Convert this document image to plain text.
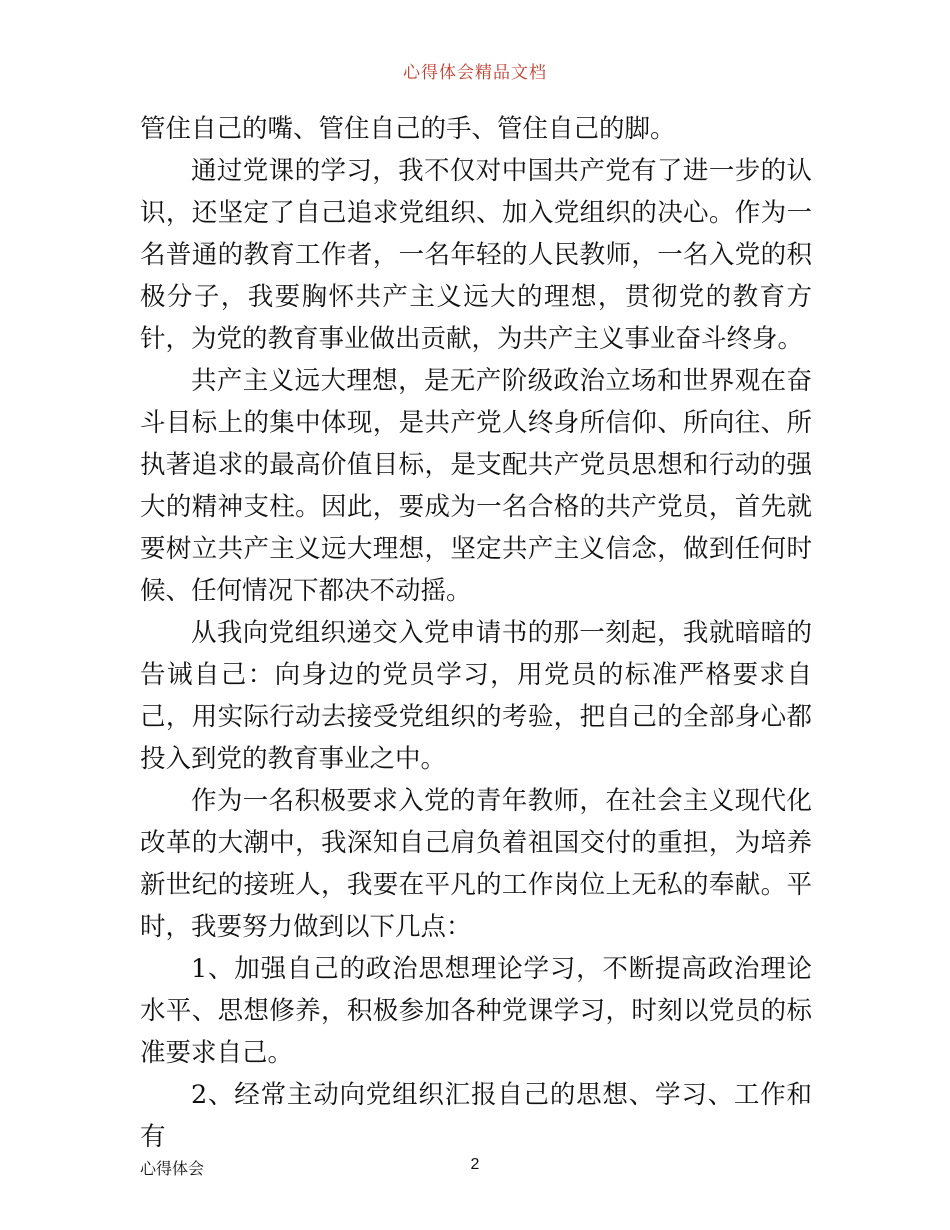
心得体会精品文档

管住自己的嘴、管住自己的手、管住自己的脚。

通过党课的学习，我不仅对中国共产党有了进一步的认识，还坚定了自己追求党组织、加入党组织的决心。作为一名普通的教育工作者，一名年轻的人民教师，一名入党的积极分子，我要胸怀共产主义远大的理想，贯彻党的教育方针，为党的教育事业做出贡献，为共产主义事业奋斗终身。

共产主义远大理想，是无产阶级政治立场和世界观在奋斗目标上的集中体现，是共产党人终身所信仰、所向往、所执著追求的最高价值目标，是支配共产党员思想和行动的强大的精神支柱。因此，要成为一名合格的共产党员，首先就要树立共产主义远大理想，坚定共产主义信念，做到任何时候、任何情况下都决不动摇。

从我向党组织递交入党申请书的那一刻起，我就暗暗的告诫自己：向身边的党员学习，用党员的标准严格要求自己，用实际行动去接受党组织的考验，把自己的全部身心都投入到党的教育事业之中。

作为一名积极要求入党的青年教师，在社会主义现代化改革的大潮中，我深知自己肩负着祖国交付的重担，为培养新世纪的接班人，我要在平凡的工作岗位上无私的奉献。平时，我要努力做到以下几点：

1、加强自己的政治思想理论学习，不断提高政治理论水平、思想修养，积极参加各种党课学习，时刻以党员的标准要求自己。

2、经常主动向党组织汇报自己的思想、学习、工作和有

心得体会	2
